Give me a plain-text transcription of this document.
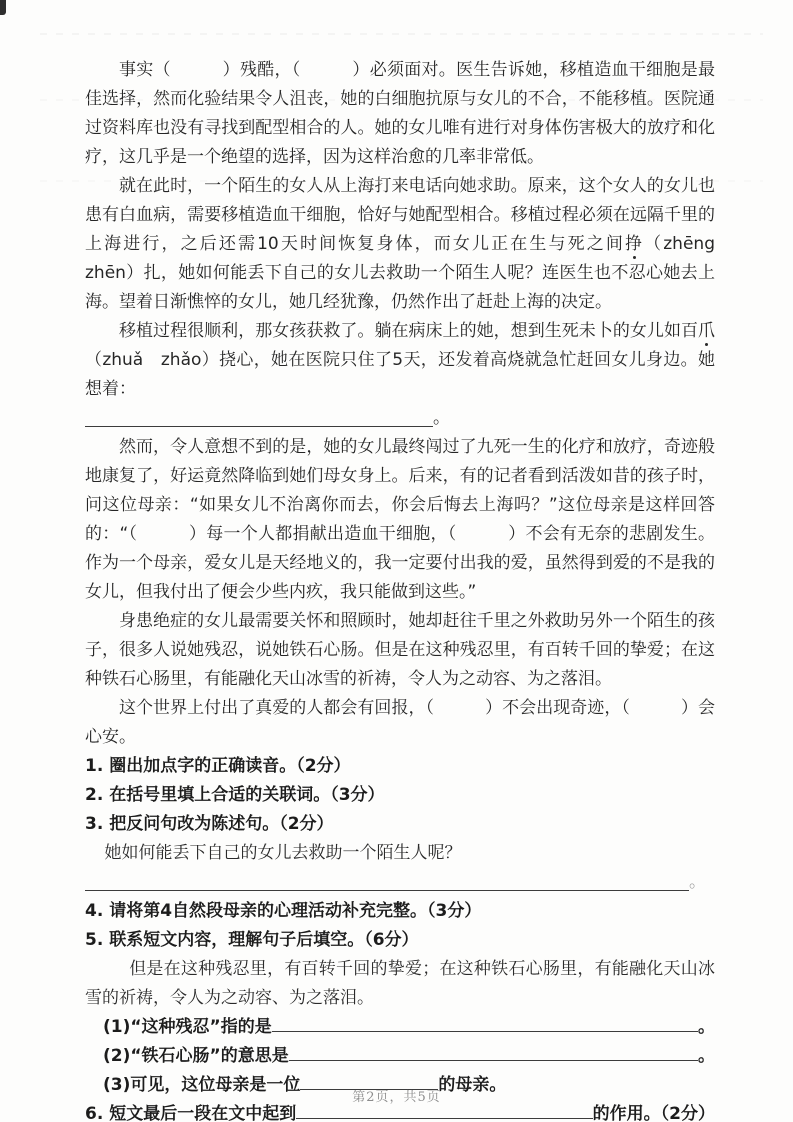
事实（　　　）残酷，（　　　）必须面对。医生告诉她，移植造血干细胞是最佳选择，然而化验结果令人沮丧，她的白细胞抗原与女儿的不合，不能移植。医院通过资料库也没有寻找到配型相合的人。她的女儿唯有进行对身体伤害极大的放疗和化疗，这几乎是一个绝望的选择，因为这样治愈的几率非常低。

就在此时，一个陌生的女人从上海打来电话向她求助。原来，这个女人的女儿也患有白血病，需要移植造血干细胞，恰好与她配型相合。移植过程必须在远隔千里的上海进行，之后还需10天时间恢复身体，而女儿正在生与死之间挣（zhēng　zhēn）扎，她如何能丢下自己的女儿去救助一个陌生人呢？连医生也不忍心她去上海。望着日渐憔悴的女儿，她几经犹豫，仍然作出了赶赴上海的决定。

移植过程很顺利，那女孩获救了。躺在病床上的她，想到生死未卜的女儿如百爪（zhuǎ　zhǎo）挠心，她在医院只住了5天，还发着高烧就急忙赶回女儿身边。她想着：
。

然而，令人意想不到的是，她的女儿最终闯过了九死一生的化疗和放疗，奇迹般地康复了，好运竟然降临到她们母女身上。后来，有的记者看到活泼如昔的孩子时，问这位母亲：“如果女儿不治离你而去，你会后悔去上海吗？”这位母亲是这样回答的：“（　　　）每一个人都捐献出造血干细胞，（　　　）不会有无奈的悲剧发生。作为一个母亲，爱女儿是天经地义的，我一定要付出我的爱，虽然得到爱的不是我的女儿，但我付出了便会少些内疚，我只能做到这些。”

身患绝症的女儿最需要关怀和照顾时，她却赶往千里之外救助另外一个陌生的孩子，很多人说她残忍，说她铁石心肠。但是在这种残忍里，有百转千回的挚爱；在这种铁石心肠里，有能融化天山冰雪的祈祷，令人为之动容、为之落泪。

这个世界上付出了真爱的人都会有回报，（　　　）不会出现奇迹，（　　　）会心安。

1. 圈出加点字的正确读音。（2分）

2. 在括号里填上合适的关联词。（3分）

3. 把反问句改为陈述句。（2分）

她如何能丢下自己的女儿去救助一个陌生人呢？

。

4. 请将第4自然段母亲的心理活动补充完整。（3分）

5. 联系短文内容，理解句子后填空。（6分）

但是在这种残忍里，有百转千回的挚爱；在这种铁石心肠里，有能融化天山冰雪的祈祷，令人为之动容、为之落泪。

(1)“这种残忍”指的是	。
(2)“铁石心肠”的意思是	。
(3)可见，这位母亲是一位	的母亲。
6. 短文最后一段在文中起到	的作用。（2分）
第2页，共5页
